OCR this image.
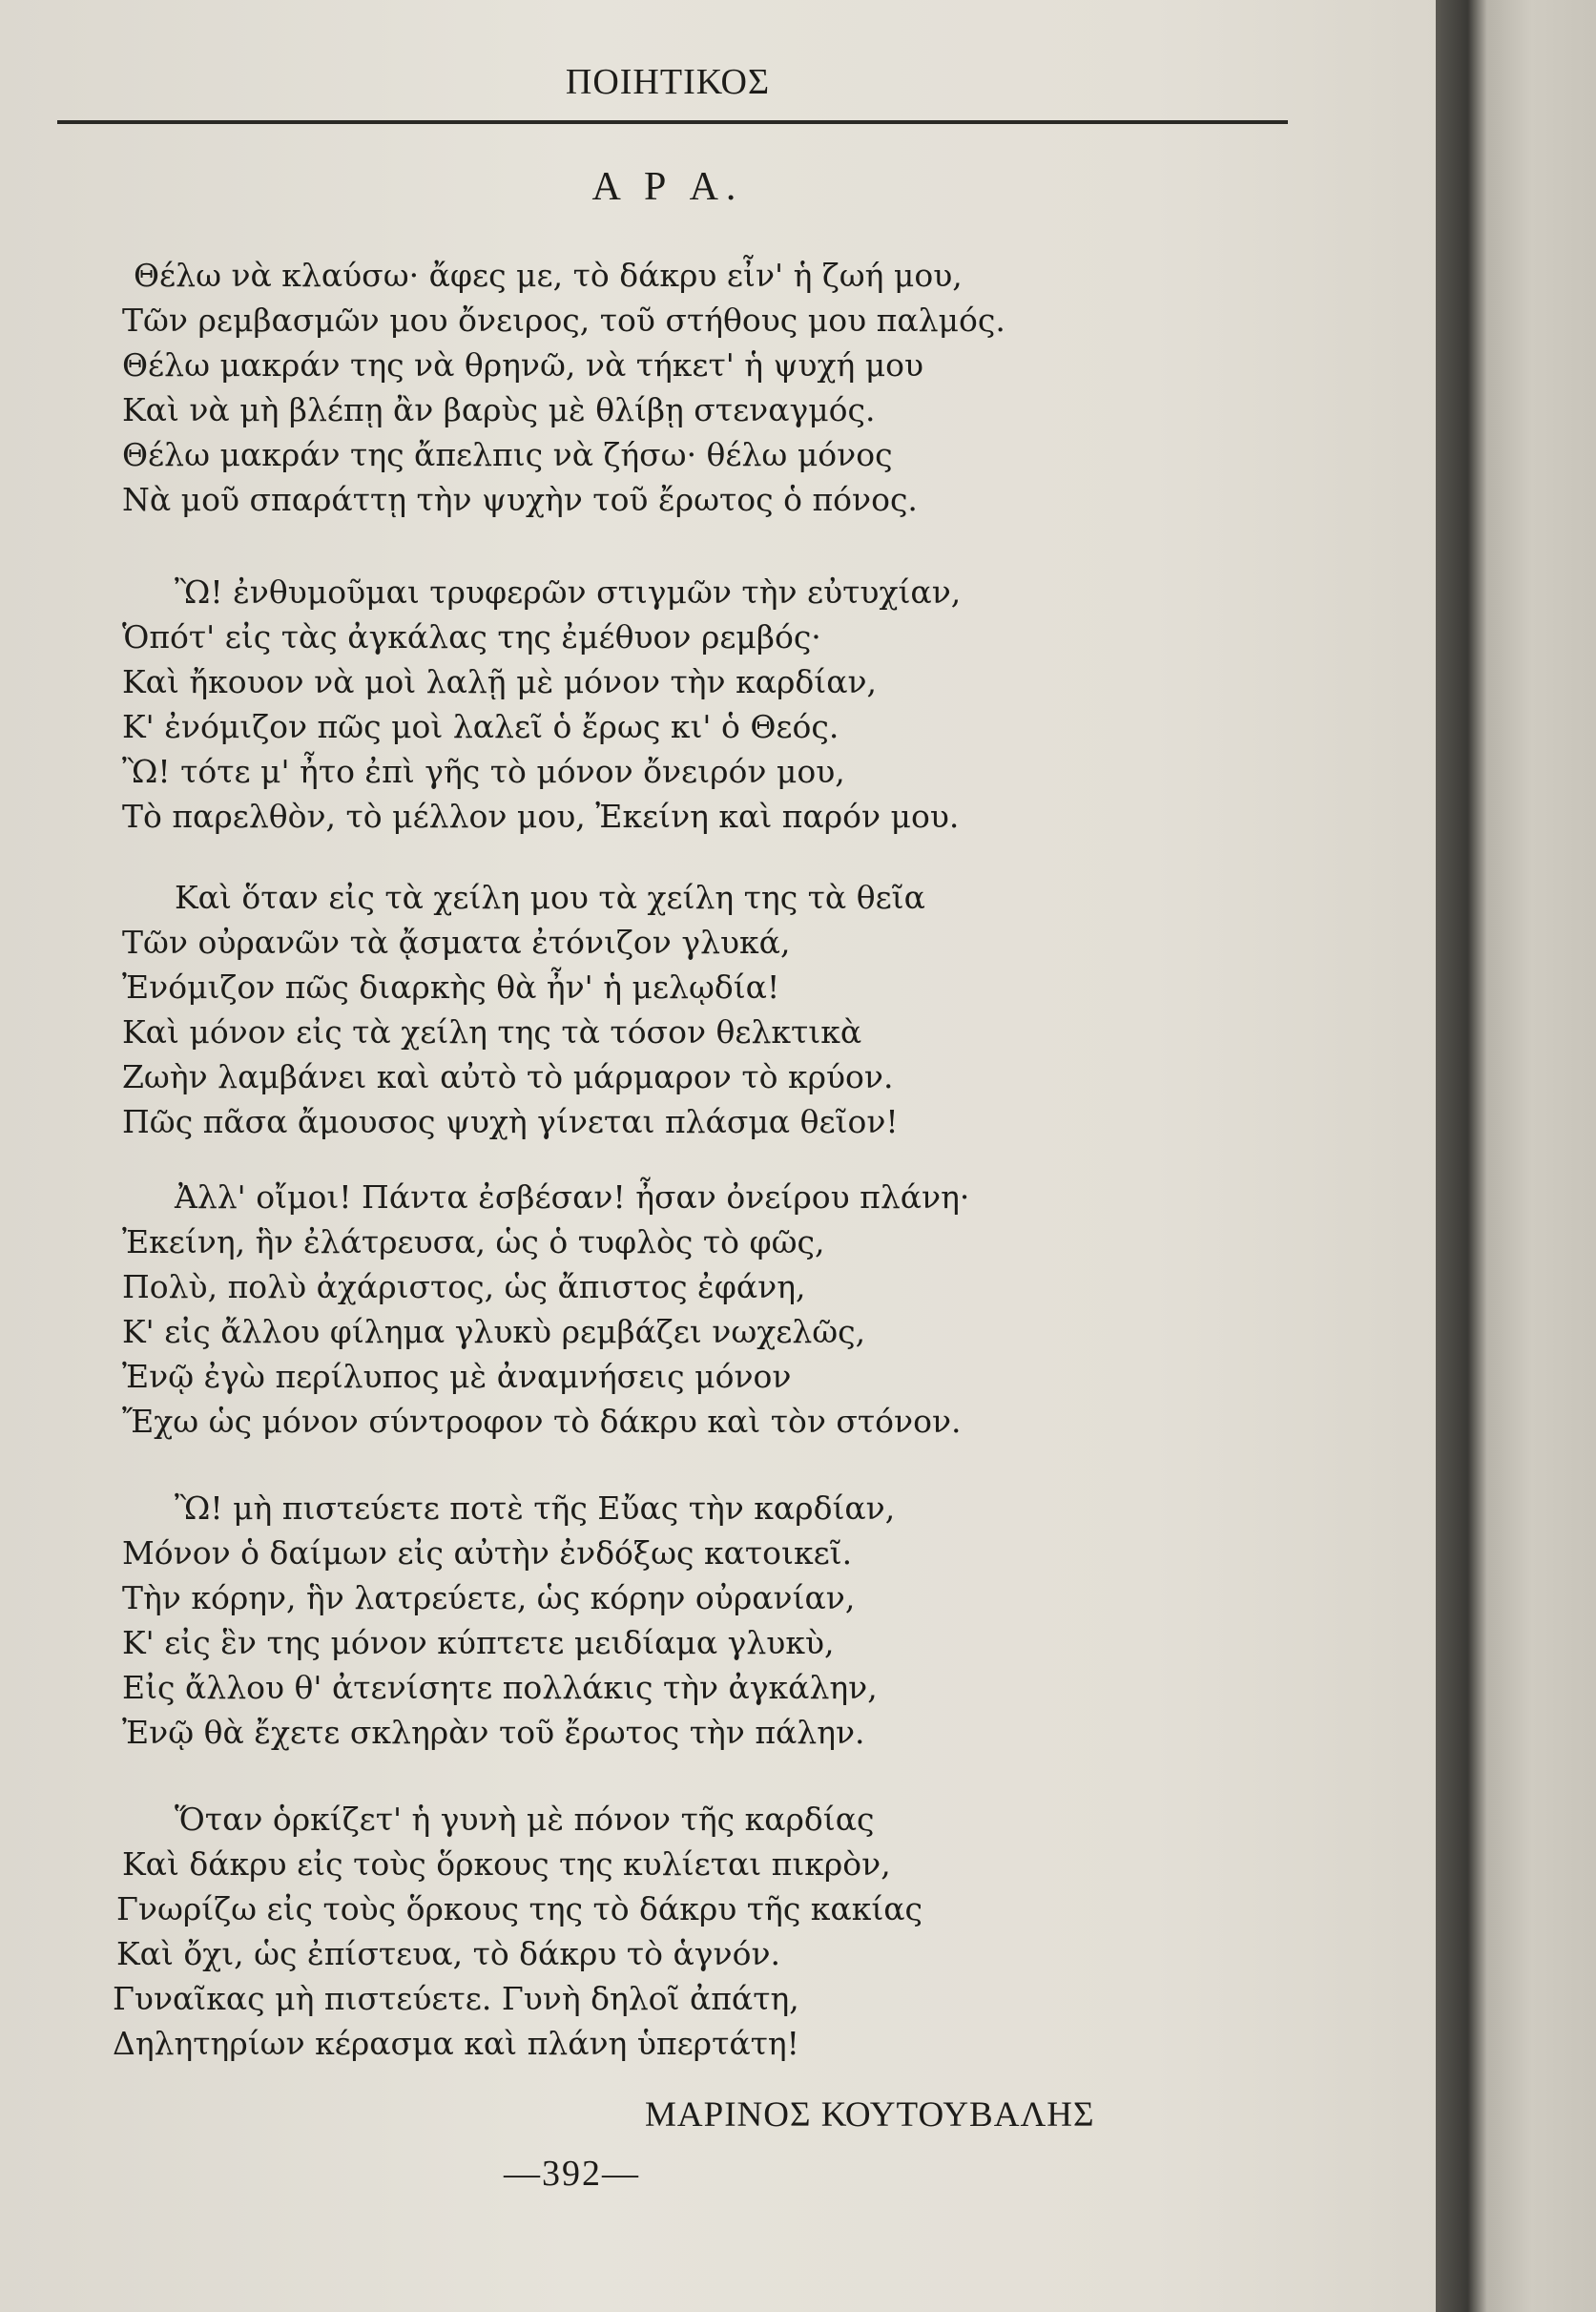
ΠΟΙΗΤΙΚΟΣ
Α Ρ Α.
Θέλω νὰ κλαύσω· ἄφες με, τὸ δάκρυ εἶν' ἡ ζωή μου,
Τῶν ρεμβασμῶν μου ὄνειρος, τοῦ στήθους μου παλμός.
Θέλω μακράν της νὰ θρηνῶ, νὰ τήκετ' ἡ ψυχή μου
Καὶ νὰ μὴ βλέπῃ ἂν βαρὺς μὲ θλίβῃ στεναγμός.
Θέλω μακράν της ἄπελπις νὰ ζήσω· θέλω μόνος
Νὰ μοῦ σπαράττῃ τὴν ψυχὴν τοῦ ἔρωτος ὁ πόνος.
Ὢ! ἐνθυμοῦμαι τρυφερῶν στιγμῶν τὴν εὐτυχίαν,
Ὁπότ' εἰς τὰς ἀγκάλας της ἐμέθυον ρεμβός·
Καὶ ἤκουον νὰ μοὶ λαλῇ μὲ μόνον τὴν καρδίαν,
Κ' ἐνόμιζον πῶς μοὶ λαλεῖ ὁ ἔρως κι' ὁ Θεός.
Ὢ! τότε μ' ἦτο ἐπὶ γῆς τὸ μόνον ὄνειρόν μου,
Τὸ παρελθὸν, τὸ μέλλον μου, Ἐκείνη καὶ παρόν μου.
Καὶ ὅταν εἰς τὰ χείλη μου τὰ χείλη της τὰ θεῖα
Τῶν οὐρανῶν τὰ ᾄσματα ἐτόνιζον γλυκά,
Ἐνόμιζον πῶς διαρκὴς θὰ ἦν' ἡ μελῳδία!
Καὶ μόνον εἰς τὰ χείλη της τὰ τόσον θελκτικὰ
Ζωὴν λαμβάνει καὶ αὐτὸ τὸ μάρμαρον τὸ κρύον.
Πῶς πᾶσα ἄμουσος ψυχὴ γίνεται πλάσμα θεῖον!
Ἀλλ' οἴμοι! Πάντα ἐσβέσαν! ἦσαν ὀνείρου πλάνη·
Ἐκείνη, ἣν ἐλάτρευσα, ὡς ὁ τυφλὸς τὸ φῶς,
Πολὺ, πολὺ ἀχάριστος, ὡς ἄπιστος ἐφάνη,
Κ' εἰς ἄλλου φίλημα γλυκὺ ρεμβάζει νωχελῶς,
Ἐνῷ ἐγὼ περίλυπος μὲ ἀναμνήσεις μόνον
Ἔχω ὡς μόνον σύντροφον τὸ δάκρυ καὶ τὸν στόνον.
Ὢ! μὴ πιστεύετε ποτὲ τῆς Εὔας τὴν καρδίαν,
Μόνον ὁ δαίμων εἰς αὐτὴν ἐνδόξως κατοικεῖ.
Τὴν κόρην, ἣν λατρεύετε, ὡς κόρην οὐρανίαν,
Κ' εἰς ἓν της μόνον κύπτετε μειδίαμα γλυκὺ,
Εἰς ἄλλου θ' ἀτενίσητε πολλάκις τὴν ἀγκάλην,
Ἐνῷ θὰ ἔχετε σκληρὰν τοῦ ἔρωτος τὴν πάλην.
Ὅταν ὁρκίζετ' ἡ γυνὴ μὲ πόνον τῆς καρδίας
Καὶ δάκρυ εἰς τοὺς ὅρκους της κυλίεται πικρὸν,
Γνωρίζω εἰς τοὺς ὅρκους της τὸ δάκρυ τῆς κακίας
Καὶ ὄχι, ὡς ἐπίστευα, τὸ δάκρυ τὸ ἁγνόν.
Γυναῖκας μὴ πιστεύετε. Γυνὴ δηλοῖ ἀπάτη,
Δηλητηρίων κέρασμα καὶ πλάνη ὑπερτάτη!
ΜΑΡΙΝΟΣ ΚΟΥΤΟΥΒΑΛΗΣ
—392—
